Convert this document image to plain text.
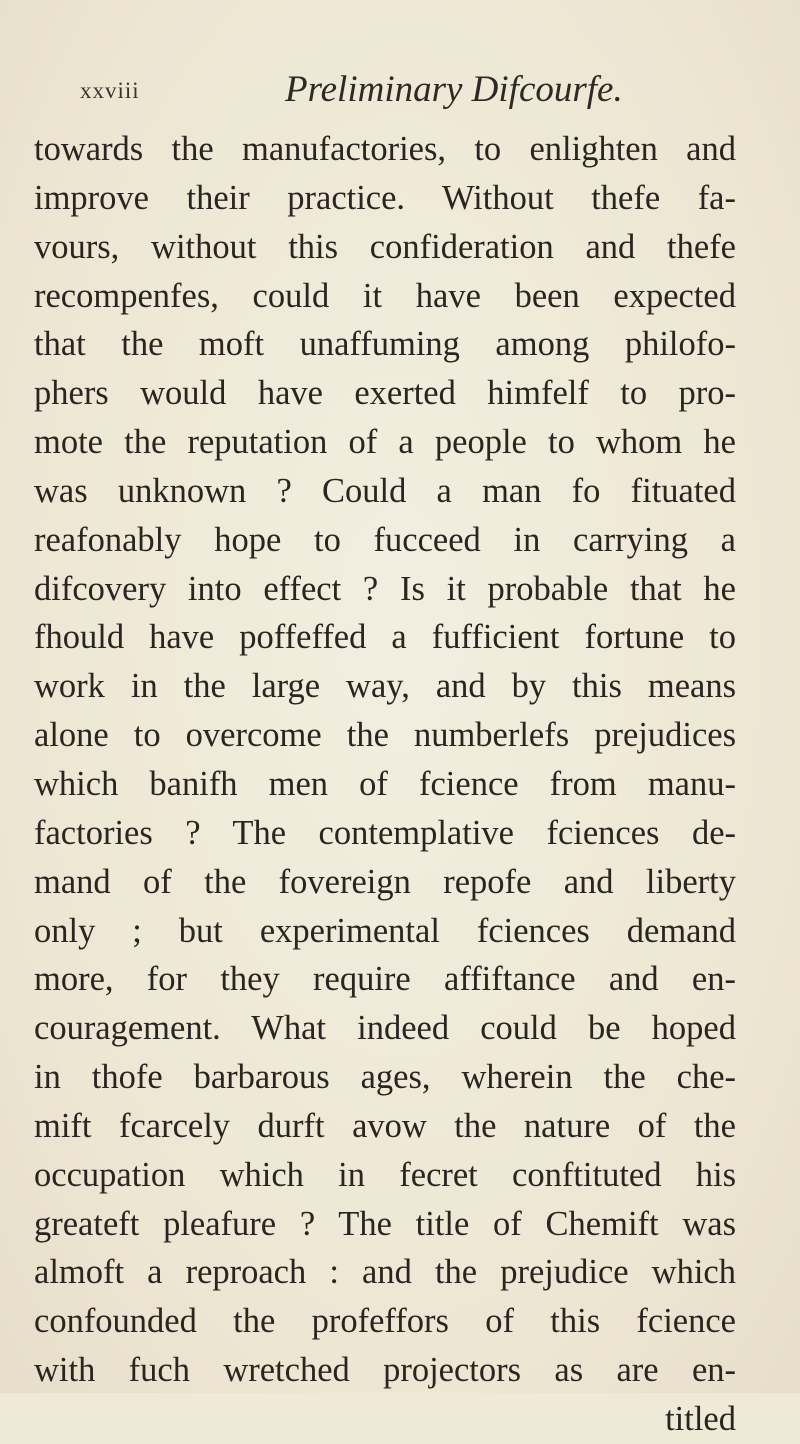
xxviii	Preliminary Difcourfe.
towards the manufactories, to enlighten and
improve their practice. Without thefe fa-
vours, without this confideration and thefe
recompenfes, could it have been expected
that the moft unaffuming among philofo-
phers would have exerted himfelf to pro-
mote the reputation of a people to whom he
was unknown ? Could a man fo fituated
reafonably hope to fucceed in carrying a
difcovery into effect ? Is it probable that he
fhould have poffeffed a fufficient fortune to
work in the large way, and by this means
alone to overcome the numberlefs prejudices
which banifh men of fcience from manu-
factories ? The contemplative fciences de-
mand of the fovereign repofe and liberty
only ; but experimental fciences demand
more, for they require affiftance and en-
couragement. What indeed could be hoped
in thofe barbarous ages, wherein the che-
mift fcarcely durft avow the nature of the
occupation which in fecret conftituted his
greateft pleafure ? The title of Chemift was
almoft a reproach : and the prejudice which
confounded the profeffors of this fcience
with fuch wretched projectors as are en-
titled
